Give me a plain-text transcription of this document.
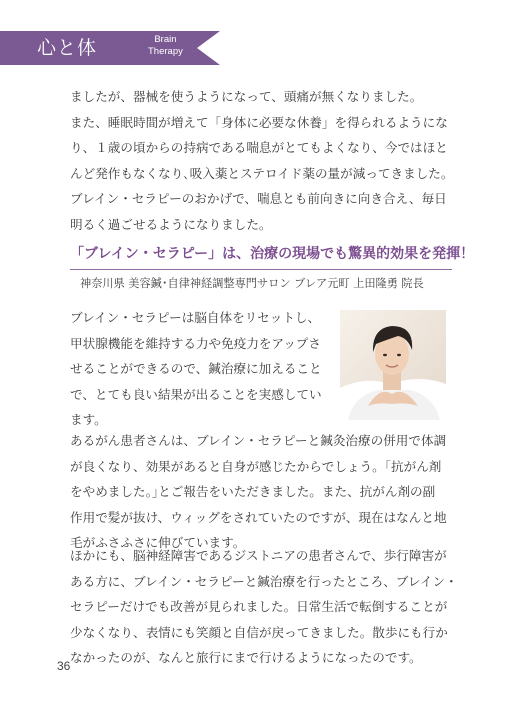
心と体	Brain
Therapy
ましたが、器械を使うようになって、頭痛が無くなりました。
また、睡眠時間が増えて「身体に必要な休養」を得られるようにな
り、１歳の頃からの持病である喘息がとてもよくなり、今ではほと
んど発作もなくなり､吸入薬とステロイド薬の量が減ってきました。
ブレイン・セラピーのおかげで、喘息とも前向きに向き合え、毎日
明るく過ごせるようになりました。
「ブレイン・セラピー」は、治療の現場でも驚異的効果を発揮！
神奈川県 美容鍼･自律神経調整専門サロン ブレア元町 上田隆勇 院長
ブレイン・セラピーは脳自体をリセットし、
甲状腺機能を維持する力や免疫力をアップさ
せることができるので、鍼治療に加えること
で、とても良い結果が出ることを実感してい
ます。
あるがん患者さんは、ブレイン・セラピーと鍼灸治療の併用で体調
が良くなり、効果があると自身が感じたからでしょう。｢抗がん剤
をやめました｡｣とご報告をいただきました。また、抗がん剤の副
作用で髪が抜け、ウィッグをされていたのですが、現在はなんと地
毛がふさふさに伸びています。
ほかにも、脳神経障害であるジストニアの患者さんで、歩行障害が
ある方に、ブレイン・セラピーと鍼治療を行ったところ、ブレイン・
セラピーだけでも改善が見られました。日常生活で転倒することが
少なくなり、表情にも笑顔と自信が戻ってきました。散歩にも行か
なかったのが、なんと旅行にまで行けるようになったのです。
36
